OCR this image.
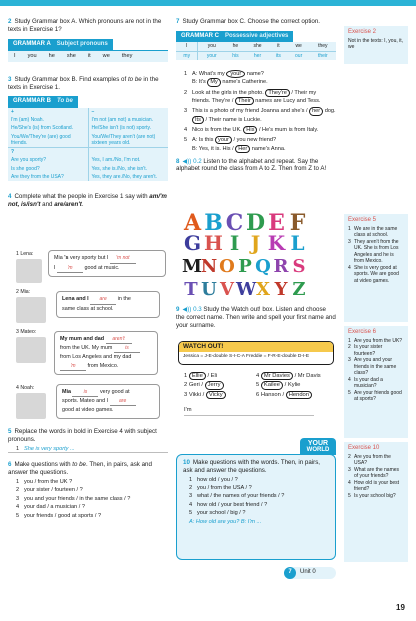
2 Study Grammar box A. Which pronouns are not in the texts in Exercise 1?
GRAMMAR A Subject pronouns
I	you	he	she	it	we	they
3 Study Grammar box B. Find examples of to be in the texts in Exercise 1.
GRAMMAR B To be
+	–
I'm (am) Noah.	I'm not (am not) a musician.
He/She's (is) from Scotland.	He/She isn't (is not) sporty.
You/We/They're (are) good friends.	You/We/They aren't (are not) sixteen years old.
?	
Are you sporty?	Yes, I am./No, I'm not.
Is she good?	Yes, she is./No, she isn't.
Are they from the USA?	Yes, they are./No, they aren't.
4 Complete what the people in Exercise 1 say with am/'m not, is/isn't and are/aren't.
1 Lena:
Mia 's very sporty but I 'm not
I 'm good at music.
2 Mia:
Lena and I are in the
same class at school.
3 Mateo:
My mum and dad aren't
from the UK. My mum is
from Los Angeles and my dad
'm from Mexico.
4 Noah:
Mia is very good at
sports. Mateo and I are
good at video games.
5 Replace the words in bold in Exercise 4 with subject pronouns.
1 She is very sporty ...
6 Make questions with to be. Then, in pairs, ask and answer the questions.
1 you / from the UK ?
2 your sister / fourteen / ?
3 you and your friends / in the same class / ?
4 your dad / a musician / ?
5 your friends / good at sports / ?
7 Study Grammar box C. Choose the correct option.
GRAMMAR C Possessive adjectives
I	you	he	she	it	we	they
my	your	his	her	its	our	their
1 A: What's my your name?
B: It's My name's Catherine.
2 Look at the girls in the photo. They're / Their my friends. They're / Their names are Lucy and Tess.
3 This is a photo of my friend Joanna and she's / her dog. Its / Their name is Luckie.
4 Nico is from the UK. His / He's mum is from Italy.
5 A: Is this your / you new friend?
B: Yes, it is. His / Her name's Anna.
8 ◀)) 0.2 Listen to the alphabet and repeat. Say the alphabet round the class from A to Z. Then from Z to A!
A B C D E F
G H I J K L
MN O P Q R S
T U V WX Y Z
9 ◀)) 0.3 Study the Watch out! box. Listen and choose the correct name. Then write and spell your first name and your surname.
WATCH OUT!
Jessica = J-E-double S-I-C-A Freddie = F-R-E-double D-I-E
1 Ellie / Eli	4 Mr Davies / Mr Davis
2 Geri / Jerry	5 Kailee / Kylie
3 Vikki / Vicky	6 Hanson / Hendon
I'm
YOUR
WORLD
10 Make questions with the words. Then, in pairs, ask and answer the questions.
1 how old / you / ?
2 you / from the USA / ?
3 what / the names of your friends / ?
4 how old / your best friend / ?
5 your school / big / ?
A: How old are you? B: I'm ...
7	Unit 0
Exercise 2
Not in the texts: I, you, it, we
Exercise 5
1 We are in the same class at school.
3 They aren't from the UK. She is from Los Angeles and he is from Mexico.
4 She is very good at sports. We are good at video games.
Exercise 6
1 Are you from the UK?
2 Is your sister fourteen?
3 Are you and your friends in the same class?
4 Is your dad a musician?
5 Are your friends good at sports?
Exercise 10
2 Are you from the USA?
3 What are the names of your friends?
4 How old is your best friend?
5 Is your school big?
19
